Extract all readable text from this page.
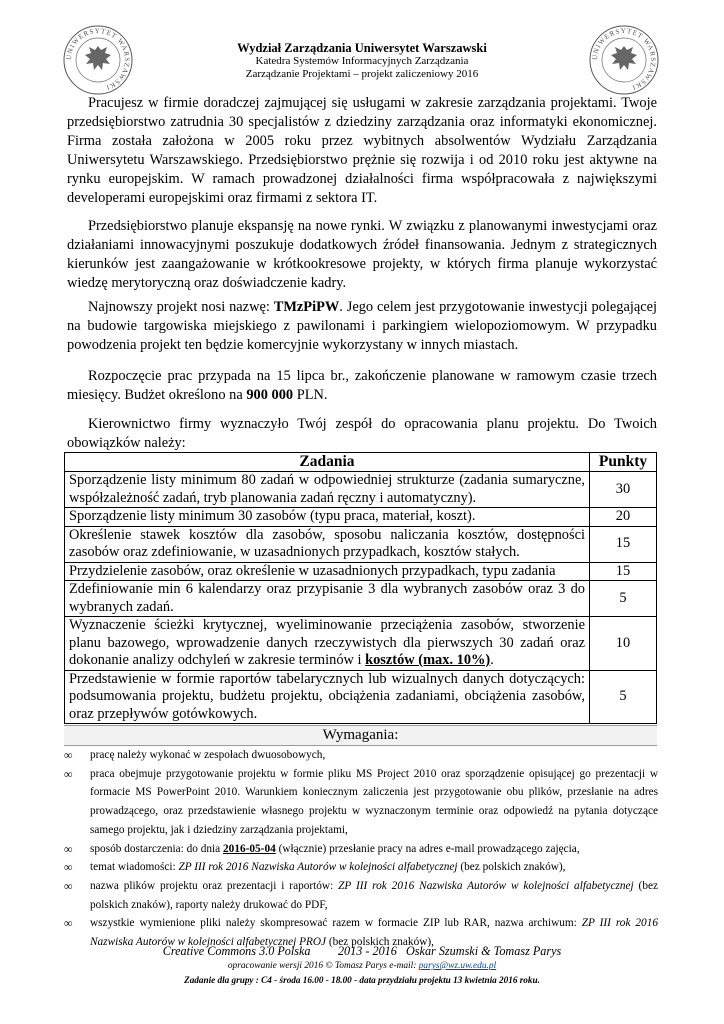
UNIWERSYTET WARSZAWSKI
UNIWERSYTET WARSZAWSKI
Wydział Zarządzania Uniwersytet Warszawski
Katedra Systemów Informacyjnych Zarządzania
Zarządzanie Projektami – projekt zaliczeniowy 2016

Pracujesz w firmie doradczej zajmującej się usługami w zakresie zarządzania projektami. Twoje przedsiębiorstwo zatrudnia 30 specjalistów z dziedziny zarządzania oraz informatyki ekonomicznej. Firma została założona w 2005 roku przez wybitnych absolwentów Wydziału Zarządzania Uniwersytetu Warszawskiego. Przedsiębiorstwo prężnie się rozwija i od 2010 roku jest aktywne na rynku europejskim. W ramach prowadzonej działalności firma współpracowała z największymi developerami europejskimi oraz firmami z sektora IT.

Przedsiębiorstwo planuje ekspansję na nowe rynki. W związku z planowanymi inwestycjami oraz działaniami innowacyjnymi poszukuje dodatkowych źródeł finansowania. Jednym z strategicznych kierunków jest zaangażowanie w krótkookresowe projekty, w których firma planuje wykorzystać wiedzę merytoryczną oraz doświadczenie kadry.

Najnowszy projekt nosi nazwę: TMzPiPW. Jego celem jest przygotowanie inwestycji polegającej na budowie targowiska miejskiego z pawilonami i parkingiem wielopoziomowym. W przypadku powodzenia projekt ten będzie komercyjnie wykorzystany w innych miastach.

Rozpoczęcie prac przypada na 15 lipca br., zakończenie planowane w ramowym czasie trzech miesięcy. Budżet określono na 900 000 PLN.

Kierownictwo firmy wyznaczyło Twój zespół do opracowania planu projektu. Do Twoich obowiązków należy:

Zadania	Punkty
Sporządzenie listy minimum 80 zadań w odpowiedniej strukturze (zadania sumaryczne, współzależność zadań, tryb planowania zadań ręczny i automatyczny).	30
Sporządzenie listy minimum 30 zasobów (typu praca, materiał, koszt).	20
Określenie stawek kosztów dla zasobów, sposobu naliczania kosztów, dostępności zasobów oraz zdefiniowanie, w uzasadnionych przypadkach, kosztów stałych.	15
Przydzielenie zasobów, oraz określenie w uzasadnionych przypadkach, typu zadania	15
Zdefiniowanie min 6 kalendarzy oraz przypisanie 3 dla wybranych zasobów oraz 3 do wybranych zadań.	5
Wyznaczenie ścieżki krytycznej, wyeliminowanie przeciążenia zasobów, stworzenie planu bazowego, wprowadzenie danych rzeczywistych dla pierwszych 30 zadań oraz dokonanie analizy odchyleń w zakresie terminów i kosztów (max. 10%).	10
Przedstawienie w formie raportów tabelarycznych lub wizualnych danych dotyczących: podsumowania projektu, budżetu projektu, obciążenia zadaniami, obciążenia zasobów, oraz przepływów gotówkowych.	5
Wymagania:
∞ pracę należy wykonać w zespołach dwuosobowych,
∞ praca obejmuje przygotowanie projektu w formie pliku MS Project 2010 oraz sporządzenie opisującej go prezentacji w formacie MS PowerPoint 2010. Warunkiem koniecznym zaliczenia jest przygotowanie obu plików, przesłanie na adres prowadzącego, oraz przedstawienie własnego projektu w wyznaczonym terminie oraz odpowiedź na pytania dotyczące samego projektu, jak i dziedziny zarządzania projektami,
∞ sposób dostarczenia: do dnia 2016-05-04 (włącznie) przesłanie pracy na adres e-mail prowadzącego zajęcia,
∞ temat wiadomości: ZP III rok 2016 Nazwiska Autorów w kolejności alfabetycznej (bez polskich znaków),
∞ nazwa plików projektu oraz prezentacji i raportów: ZP III rok 2016 Nazwiska Autorów w kolejności alfabetycznej (bez polskich znaków), raporty należy drukować do PDF,
∞ wszystkie wymienione pliki należy skompresować razem w formacie ZIP lub RAR, nazwa archiwum: ZP III rok 2016 Nazwiska Autorów w kolejności alfabetycznej PROJ (bez polskich znaków),
Creative Commons 3.0 Polska 2013 - 2016 Oskar Szumski & Tomasz Parys
opracowanie wersji 2016 © Tomasz Parys e-mail: parys@wz.uw.edu.pl
Zadanie dla grupy : C4 - środa 16.00 - 18.00 - data przydziału projektu 13 kwietnia 2016 roku.
